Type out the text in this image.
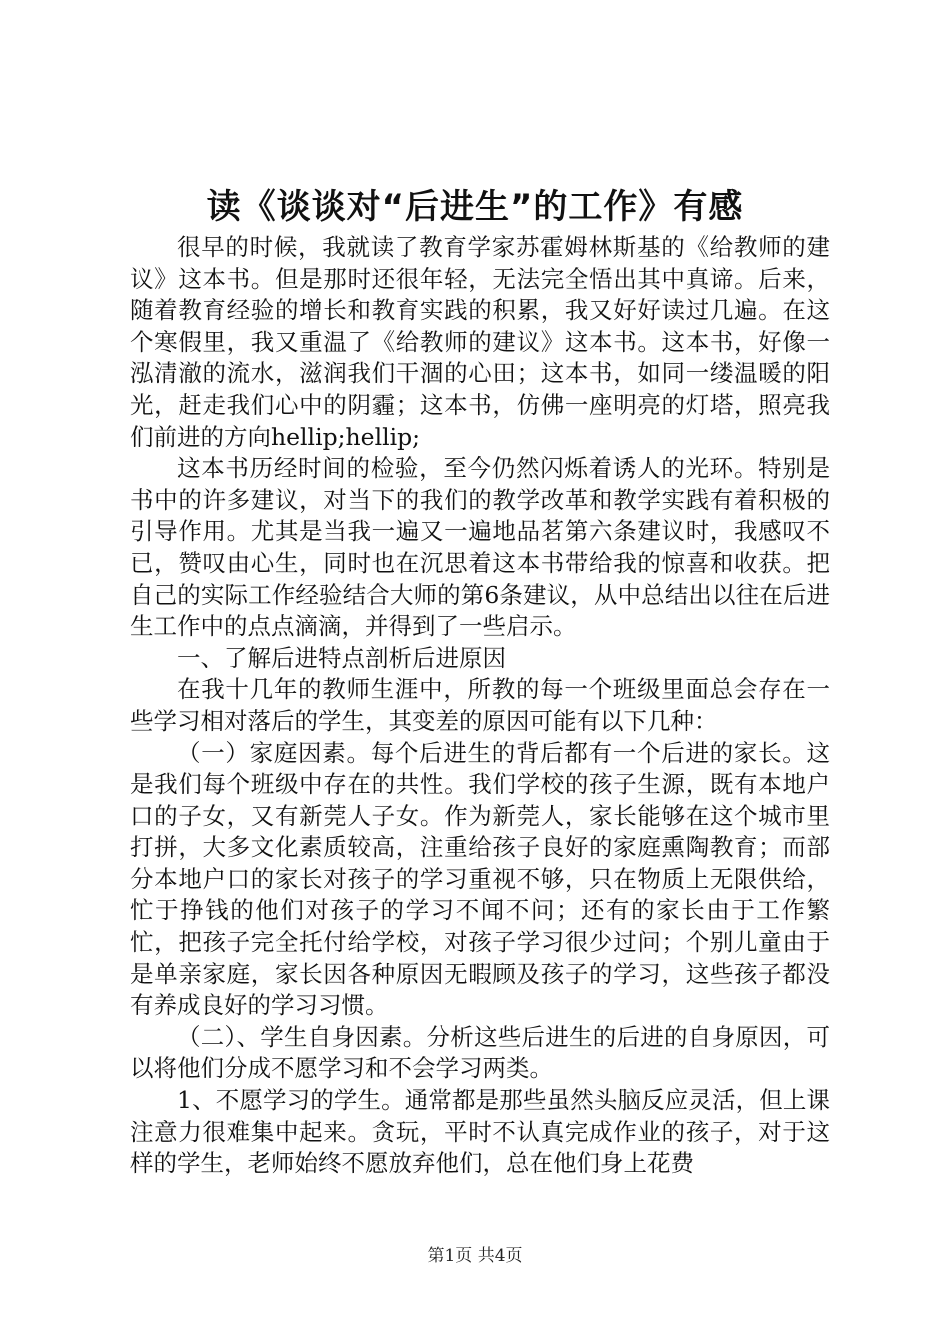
读《谈谈对“后进生”的工作》有感

很早的时候，我就读了教育学家苏霍姆林斯基的《给教师的建议》这本书。但是那时还很年轻，无法完全悟出其中真谛。后来，随着教育经验的增长和教育实践的积累，我又好好读过几遍。在这个寒假里，我又重温了《给教师的建议》这本书。这本书，好像一泓清澈的流水，滋润我们干涸的心田；这本书，如同一缕温暖的阳光，赶走我们心中的阴霾；这本书，仿佛一座明亮的灯塔，照亮我们前进的方向hellip;hellip;

这本书历经时间的检验，至今仍然闪烁着诱人的光环。特别是书中的许多建议，对当下的我们的教学改革和教学实践有着积极的引导作用。尤其是当我一遍又一遍地品茗第六条建议时，我感叹不已，赞叹由心生，同时也在沉思着这本书带给我的惊喜和收获。把自己的实际工作经验结合大师的第6条建议，从中总结出以往在后进生工作中的点点滴滴，并得到了一些启示。

一、了解后进特点剖析后进原因

在我十几年的教师生涯中，所教的每一个班级里面总会存在一些学习相对落后的学生，其变差的原因可能有以下几种：

（一）家庭因素。每个后进生的背后都有一个后进的家长。这是我们每个班级中存在的共性。我们学校的孩子生源，既有本地户口的子女，又有新莞人子女。作为新莞人，家长能够在这个城市里打拼，大多文化素质较高，注重给孩子良好的家庭熏陶教育；而部分本地户口的家长对孩子的学习重视不够，只在物质上无限供给，忙于挣钱的他们对孩子的学习不闻不问；还有的家长由于工作繁忙，把孩子完全托付给学校，对孩子学习很少过问；个别儿童由于是单亲家庭，家长因各种原因无暇顾及孩子的学习，这些孩子都没有养成良好的学习习惯。

（二）、学生自身因素。分析这些后进生的后进的自身原因，可以将他们分成不愿学习和不会学习两类。

1、不愿学习的学生。通常都是那些虽然头脑反应灵活，但上课注意力很难集中起来。贪玩，平时不认真完成作业的孩子，对于这样的学生，老师始终不愿放弃他们，总在他们身上花费

第1页 共4页
